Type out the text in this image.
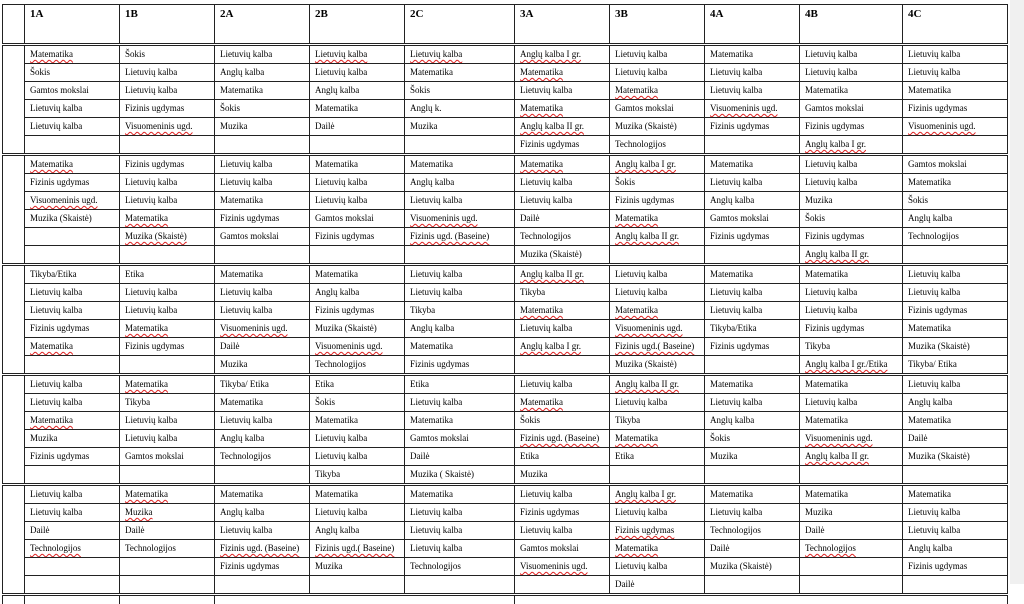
	1A	1B	2A	2B	2C	3A	3B	4A	4B	4C
	Matematika	Šokis	Lietuvių kalba	Lietuvių kalba	Lietuvių kalba	Anglų kalba I gr.	Lietuvių kalba	Matematika	Lietuvių kalba	Lietuvių kalba
	Šokis	Lietuvių kalba	Anglų kalba	Lietuvių kalba	Matematika	Matematika	Lietuvių kalba	Lietuvių kalba	Lietuvių kalba	Lietuvių kalba
	Gamtos mokslai	Lietuvių kalba	Matematika	Anglų kalba	Šokis	Lietuvių kalba	Matematika	Lietuvių kalba	Matematika	Matematika
	Lietuvių kalba	Fizinis ugdymas	Šokis	Matematika	Anglų k.	Matematika	Gamtos mokslai	Visuomeninis ugd.	Gamtos mokslai	Fizinis ugdymas
	Lietuvių kalba	Visuomeninis ugd.	Muzika	Dailė	Muzika	Anglų kalba II gr.	Muzika (Skaistė)	Fizinis ugdymas	Fizinis ugdymas	Visuomeninis ugd.
						Fizinis ugdymas	Technologijos		Anglų kalba I gr.	
	Matematika	Fizinis ugdymas	Lietuvių kalba	Matematika	Matematika	Matematika	Anglų kalba I gr.	Matematika	Lietuvių kalba	Gamtos mokslai
	Fizinis ugdymas	Lietuvių kalba	Lietuvių kalba	Lietuvių kalba	Anglų kalba	Lietuvių kalba	Šokis	Lietuvių kalba	Lietuvių kalba	Matematika
	Visuomeninis ugd.	Lietuvių kalba	Matematika	Lietuvių kalba	Lietuvių kalba	Lietuvių kalba	Fizinis ugdymas	Anglų kalba	Muzika	Šokis
	Muzika (Skaistė)	Matematika	Fizinis ugdymas	Gamtos mokslai	Visuomeninis ugd.	Dailė	Matematika	Gamtos mokslai	Šokis	Anglų kalba
		Muzika (Skaistė)	Gamtos mokslai	Fizinis ugdymas	Fizinis ugd. (Baseine)	Technologijos	Anglų kalba II gr.	Fizinis ugdymas	Fizinis ugdymas	Technologijos
						Muzika (Skaistė)			Anglų kalba II gr.	
	Tikyba/Etika	Etika	Matematika	Matematika	Lietuvių kalba	Anglų kalba II gr.	Lietuvių kalba	Matematika	Matematika	Lietuvių kalba
	Lietuvių kalba	Lietuvių kalba	Lietuvių kalba	Anglų kalba	Lietuvių kalba	Tikyba	Lietuvių kalba	Lietuvių kalba	Lietuvių kalba	Lietuvių kalba
	Lietuvių kalba	Lietuvių kalba	Lietuvių kalba	Fizinis ugdymas	Tikyba	Matematika	Matematika	Lietuvių kalba	Lietuvių kalba	Fizinis ugdymas
	Fizinis ugdymas	Matematika	Visuomeninis ugd.	Muzika (Skaistė)	Anglų kalba	Lietuvių kalba	Visuomeninis ugd.	Tikyba/Etika	Fizinis ugdymas	Matematika
	Matematika	Fizinis ugdymas	Dailė	Visuomeninis ugd.	Matematika	Anglų kalba I gr.	Fizinis ugd.( Baseine)	Fizinis ugdymas	Tikyba	Muzika (Skaistė)
			Muzika	Technologijos	Fizinis ugdymas		Muzika (Skaistė)		Anglų kalba I gr./Etika	Tikyba/ Etika
	Lietuvių kalba	Matematika	Tikyba/ Etika	Etika	Etika	Lietuvių kalba	Anglų kalba II gr.	Matematika	Matematika	Lietuvių kalba
	Lietuvių kalba	Tikyba	Matematika	Šokis	Lietuvių kalba	Matematika	Lietuvių kalba	Lietuvių kalba	Lietuvių kalba	Anglų kalba
	Matematika	Lietuvių kalba	Lietuvių kalba	Matematika	Matematika	Šokis	Tikyba	Anglų kalba	Matematika	Matematika
	Muzika	Lietuvių kalba	Anglų kalba	Lietuvių kalba	Gamtos mokslai	Fizinis ugd. (Baseine)	Matematika	Šokis	Visuomeninis ugd.	Dailė
	Fizinis ugdymas	Gamtos mokslai	Technologijos	Lietuvių kalba	Dailė	Etika	Etika	Muzika	Anglų kalba II gr.	Muzika (Skaistė)
				Tikyba	Muzika ( Skaistė)	Muzika				
	Lietuvių kalba	Matematika	Matematika	Matematika	Matematika	Lietuvių kalba	Anglų kalba I gr.	Matematika	Matematika	Matematika
	Lietuvių kalba	Muzika	Anglų kalba	Lietuvių kalba	Lietuvių kalba	Fizinis ugdymas	Lietuvių kalba	Lietuvių kalba	Muzika	Lietuvių kalba
	Dailė	Dailė	Lietuvių kalba	Anglų kalba	Lietuvių kalba	Lietuvių kalba	Fizinis ugdymas	Technologijos	Dailė	Lietuvių kalba
	Technologijos	Technologijos	Fizinis ugd. (Baseine)	Fizinis ugd.( Baseine)	Lietuvių kalba	Gamtos mokslai	Matematika	Dailė	Technologijos	Anglų kalba
			Fizinis ugdymas	Muzika	Technologijos	Visuomeninis ugd.	Lietuvių kalba	Muzika (Skaistė)		Fizinis ugdymas
							Dailė			
